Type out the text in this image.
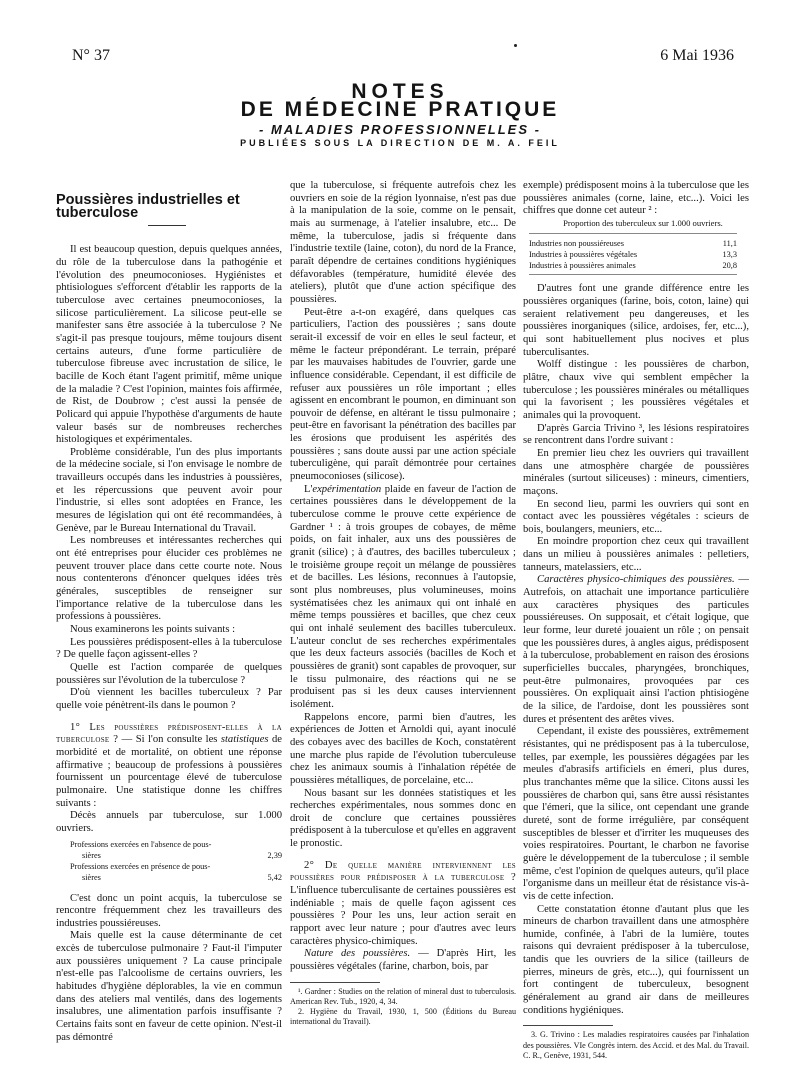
N° 37	6 Mai 1936
NOTES
DE MÉDECINE PRATIQUE
- MALADIES PROFESSIONNELLES -
PUBLIÉES SOUS LA DIRECTION DE M. A. FEIL
Poussières industrielles et tuberculose

Il est beaucoup question, depuis quelques années, du rôle de la tuberculose dans la pathogénie et l'évolution des pneumoconioses. Hygiénistes et phtisiologues s'efforcent d'établir les rapports de la tuberculose avec certaines pneumoconioses, la silicose particulièrement. La silicose peut-elle se manifester sans être associée à la tuberculose ? Ne s'agit-il pas presque toujours, même toujours disent certains auteurs, d'une forme particulière de tuberculose fibreuse avec incrustation de silice, le bacille de Koch étant l'agent primitif, même unique de la maladie ? C'est l'opinion, maintes fois affirmée, de Rist, de Doubrow ; c'est aussi la pensée de Policard qui appuie l'hypothèse d'arguments de haute valeur basés sur de nombreuses recherches histologiques et expérimentales.

Problème considérable, l'un des plus importants de la médecine sociale, si l'on envisage le nombre de travailleurs occupés dans les industries à poussières, et les répercussions que peuvent avoir pour l'industrie, si elles sont adoptées en France, les mesures de législation qui ont été recommandées, à Genève, par le Bureau International du Travail.

Les nombreuses et intéressantes recherches qui ont été entreprises pour élucider ces problèmes ne peuvent trouver place dans cette courte note. Nous nous contenterons d'énoncer quelques idées très générales, susceptibles de renseigner sur l'importance relative de la tuberculose dans les professions à poussières.

Nous examinerons les points suivants :

Les poussières prédisposent-elles à la tuberculose ? De quelle façon agissent-elles ?

Quelle est l'action comparée de quelques poussières sur l'évolution de la tuberculose ?

D'où viennent les bacilles tuberculeux ? Par quelle voie pénètrent-ils dans le poumon ?

1° Les poussières prédisposent-elles à la tuberculose ? — Si l'on consulte les statistiques de morbidité et de mortalité, on obtient une réponse affirmative ; beaucoup de professions à poussières fournissent un pourcentage élevé de tuberculose pulmonaire. Une statistique donne les chiffres suivants :

Décès annuels par tuberculose, sur 1.000 ouvriers.

Professions exercées en l'absence de pous-
sières	2,39
Professions exercées en présence de pous-
sières	5,42

C'est donc un point acquis, la tuberculose se rencontre fréquemment chez les travailleurs des industries poussiéreuses.

Mais quelle est la cause déterminante de cet excès de tuberculose pulmonaire ? Faut-il l'imputer aux poussières uniquement ? La cause principale n'est-elle pas l'alcoolisme de certains ouvriers, les habitudes d'hygiène déplorables, la vie en commun dans des ateliers mal ventilés, dans des logements insalubres, une alimentation parfois insuffisante ? Certains faits sont en faveur de cette opinion. N'est-il pas démontré

que la tuberculose, si fréquente autrefois chez les ouvriers en soie de la région lyonnaise, n'est pas due à la manipulation de la soie, comme on le pensait, mais au surmenage, à l'atelier insalubre, etc... De même, la tuberculose, jadis si fréquente dans l'industrie textile (laine, coton), du nord de la France, paraît dépendre de certaines conditions hygiéniques défavorables (température, humidité élevée des ateliers), plutôt que d'une action spécifique des poussières.

Peut-être a-t-on exagéré, dans quelques cas particuliers, l'action des poussières ; sans doute serait-il excessif de voir en elles le seul facteur, et même le facteur prépondérant. Le terrain, préparé par les mauvaises habitudes de l'ouvrier, garde une influence considérable. Cependant, il est difficile de refuser aux poussières un rôle important ; elles agissent en encombrant le poumon, en diminuant son pouvoir de défense, en altérant le tissu pulmonaire ; peut-être en favorisant la pénétration des bacilles par les érosions que produisent les aspérités des poussières ; sans doute aussi par une action spéciale tuberculigène, qui paraît démontrée pour certaines pneumoconioses (silicose).

L'expérimentation plaide en faveur de l'action de certaines poussières dans le développement de la tuberculose comme le prouve cette expérience de Gardner ¹ : à trois groupes de cobayes, de même poids, on fait inhaler, aux uns des poussières de granit (silice) ; à d'autres, des bacilles tuberculeux ; le troisième groupe reçoit un mélange de poussières et de bacilles. Les lésions, reconnues à l'autopsie, sont plus nombreuses, plus volumineuses, moins systématisées chez les animaux qui ont inhalé en même temps poussières et bacilles, que chez ceux qui ont inhalé seulement des bacilles tuberculeux. L'auteur conclut de ses recherches expérimentales que les deux facteurs associés (bacilles de Koch et poussières de granit) sont capables de provoquer, sur le tissu pulmonaire, des réactions qui ne se produisent pas si les deux causes interviennent isolément.

Rappelons encore, parmi bien d'autres, les expériences de Jotten et Arnoldi qui, ayant inoculé des cobayes avec des bacilles de Koch, constatèrent une marche plus rapide de l'évolution tuberculeuse chez les animaux soumis à l'inhalation répétée de poussières métalliques, de porcelaine, etc...

Nous basant sur les données statistiques et les recherches expérimentales, nous sommes donc en droit de conclure que certaines poussières prédisposent à la tuberculose et qu'elles en aggravent le pronostic.

2° De quelle manière interviennent les poussières pour prédisposer à la tuberculose ? L'influence tuberculisante de certaines poussières est indéniable ; mais de quelle façon agissent ces poussières ? Pour les uns, leur action serait en rapport avec leur nature ; pour d'autres avec leurs caractères physico-chimiques.

Nature des poussières. — D'après Hirt, les poussières végétales (farine, charbon, bois, par

¹. Gardner : Studies on the relation of mineral dust to tuberculosis. American Rev. Tub., 1920, 4, 34.

2. Hygiène du Travail, 1930, 1, 500 (Éditions du Bureau international du Travail).

exemple) prédisposent moins à la tuberculose que les poussières animales (corne, laine, etc...). Voici les chiffres que donne cet auteur ² :

Proportion des tuberculeux sur 1.000 ouvriers.

Industries non poussiéreuses	11,1
Industries à poussières végétales	13,3
Industries à poussières animales	20,8

D'autres font une grande différence entre les poussières organiques (farine, bois, coton, laine) qui seraient relativement peu dangereuses, et les poussières inorganiques (silice, ardoises, fer, etc...), qui sont habituellement plus nocives et plus tuberculisantes.

Wolff distingue : les poussières de charbon, plâtre, chaux vive qui semblent empêcher la tuberculose ; les poussières minérales ou métalliques qui la favorisent ; les poussières végétales et animales qui la provoquent.

D'après Garcia Trivino ³, les lésions respiratoires se rencontrent dans l'ordre suivant :

En premier lieu chez les ouvriers qui travaillent dans une atmosphère chargée de poussières minérales (surtout siliceuses) : mineurs, cimentiers, maçons.

En second lieu, parmi les ouvriers qui sont en contact avec les poussières végétales : scieurs de bois, boulangers, meuniers, etc...

En moindre proportion chez ceux qui travaillent dans un milieu à poussières animales : pelletiers, tanneurs, matelassiers, etc...

Caractères physico-chimiques des poussières. — Autrefois, on attachait une importance particulière aux caractères physiques des particules poussiéreuses. On supposait, et c'était logique, que leur forme, leur dureté jouaient un rôle ; on pensait que les poussières dures, à angles aigus, prédisposent à la tuberculose, probablement en raison des érosions superficielles buccales, pharyngées, bronchiques, peut-être pulmonaires, provoquées par ces poussières. On expliquait ainsi l'action phtisiogène de la silice, de l'ardoise, dont les poussières sont dures et présentent des arêtes vives.

Cependant, il existe des poussières, extrêmement résistantes, qui ne prédisposent pas à la tuberculose, telles, par exemple, les poussières dégagées par les meules d'abrasifs artificiels en émeri, plus dures, plus tranchantes même que la silice. Citons aussi les poussières de charbon qui, sans être aussi résistantes que l'émeri, que la silice, ont cependant une grande dureté, sont de forme irrégulière, par conséquent susceptibles de blesser et d'irriter les muqueuses des voies respiratoires. Pourtant, le charbon ne favorise guère le développement de la tuberculose ; il semble même, c'est l'opinion de quelques auteurs, qu'il place l'organisme dans un meilleur état de résistance vis-à-vis de cette infection.

Cette constatation étonne d'autant plus que les mineurs de charbon travaillent dans une atmosphère humide, confinée, à l'abri de la lumière, toutes raisons qui devraient prédisposer à la tuberculose, tandis que les ouvriers de la silice (tailleurs de pierres, mineurs de grès, etc...), qui fournissent un fort contingent de tuberculeux, besognent généralement au grand air dans de meilleures conditions hygiéniques.

3. G. Trivino : Les maladies respiratoires causées par l'inhalation des poussières. VIe Congrès intern. des Accid. et des Mal. du Travail. C. R., Genève, 1931, 544.
